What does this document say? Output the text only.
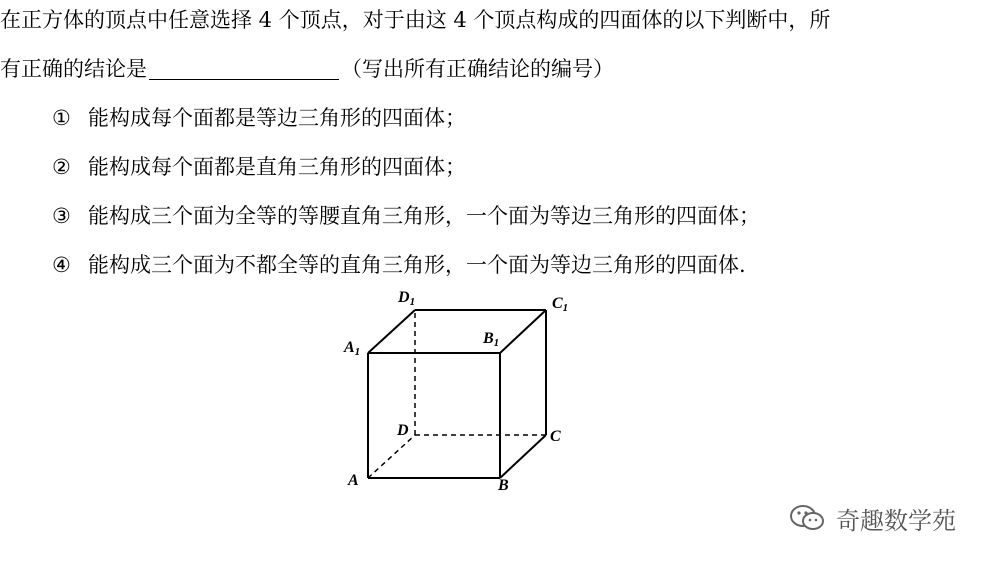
在正方体的顶点中任意选择 4 个顶点，对于由这 4 个顶点构成的四面体的以下判断中，所
有正确的结论是	（写出所有正确结论的编号）
① 能构成每个面都是等边三角形的四面体；
② 能构成每个面都是直角三角形的四面体；
③ 能构成三个面为全等的等腰直角三角形，一个面为等边三角形的四面体；
④ 能构成三个面为不都全等的直角三角形，一个面为等边三角形的四面体.
D1	C1
A1
B1
D	C
A	B
奇趣数学苑
